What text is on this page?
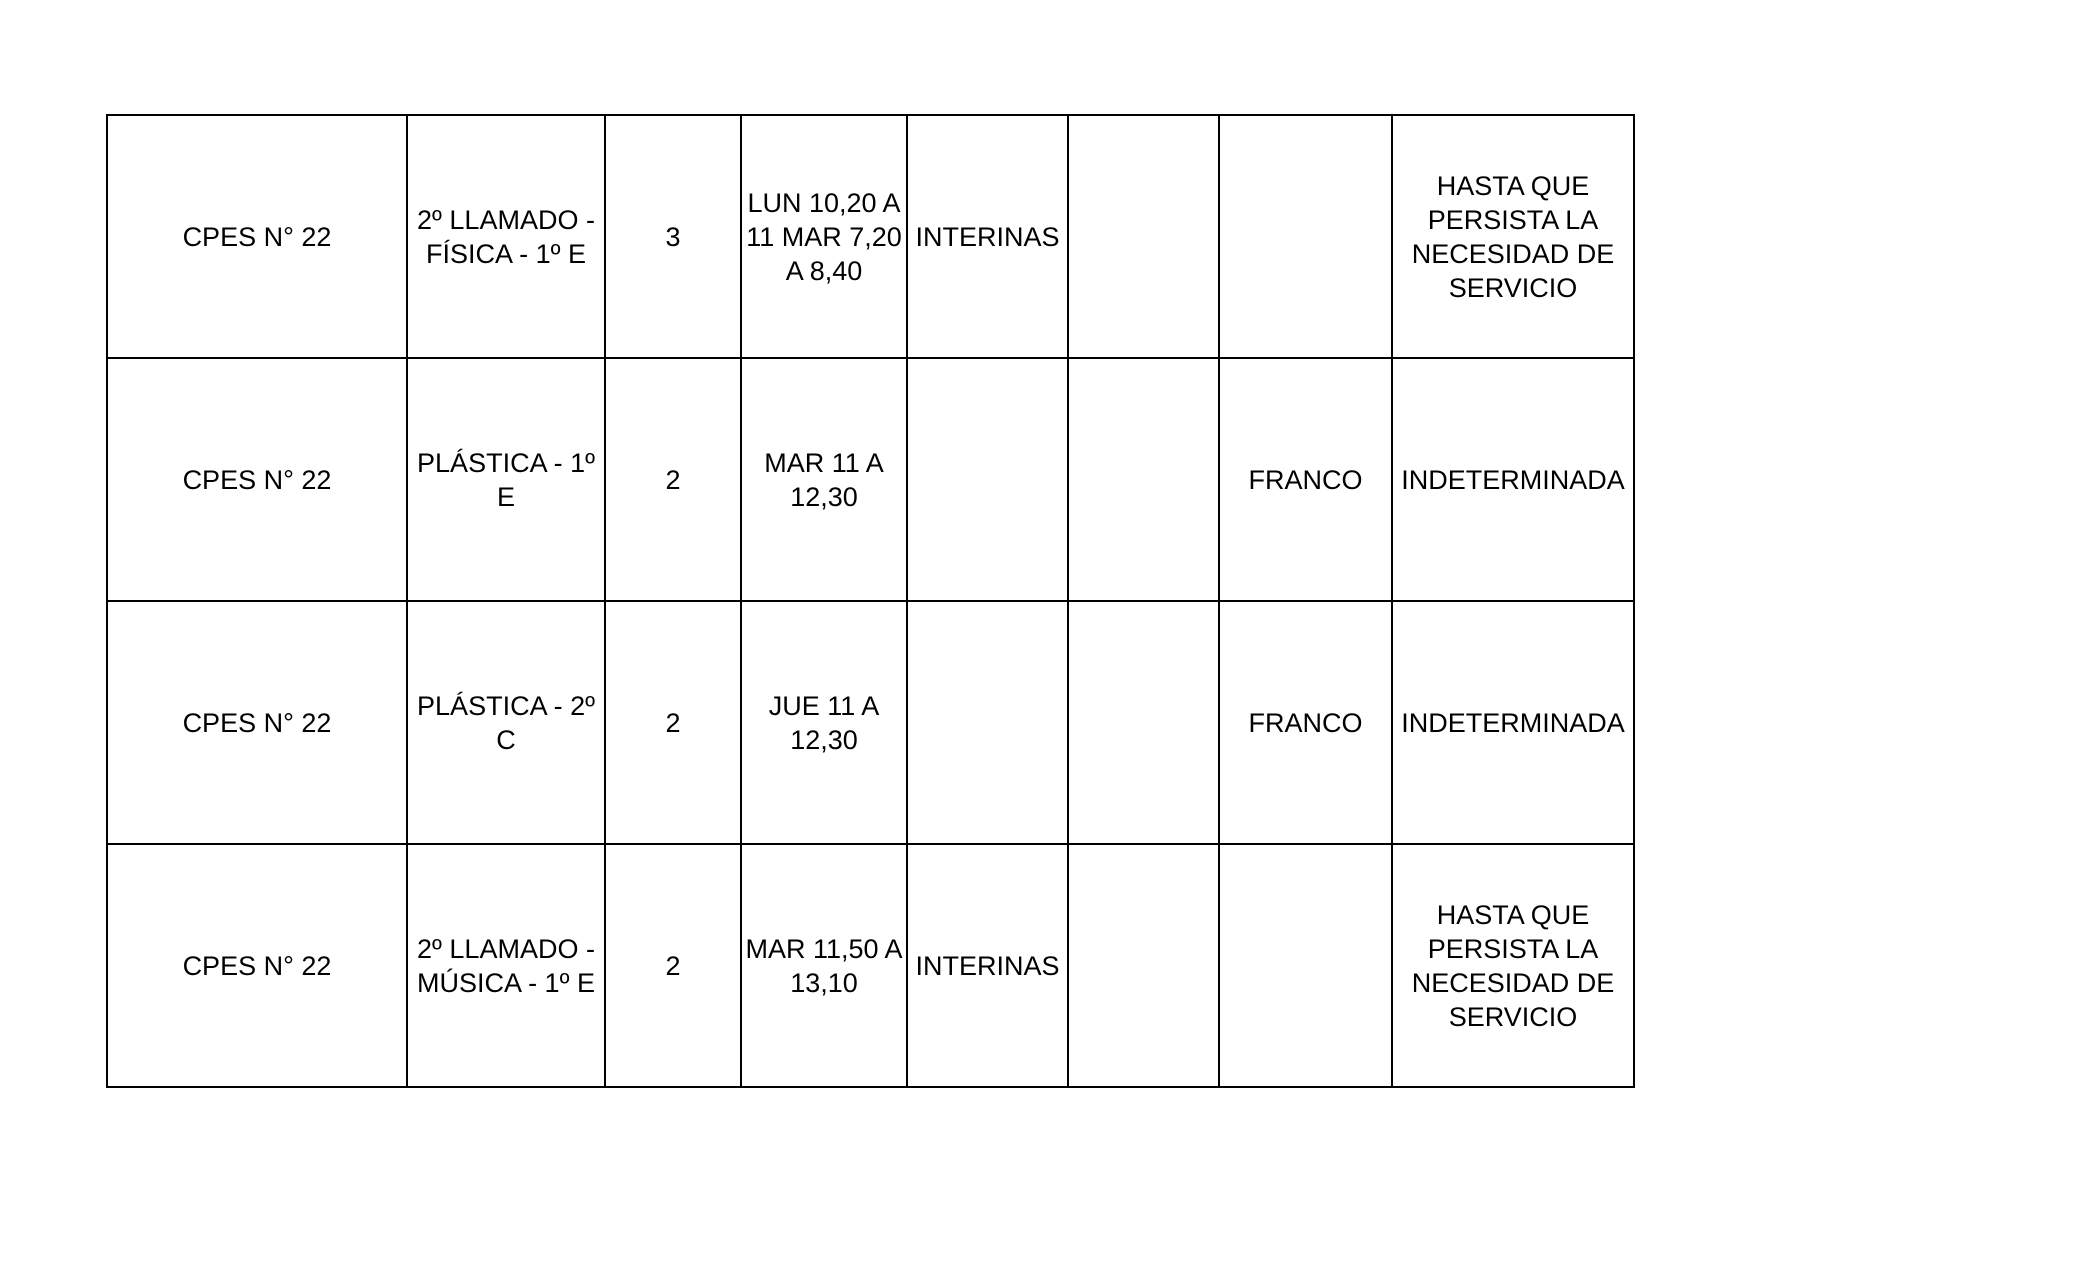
CPES N° 22	2º LLAMADO - FÍSICA - 1º E	3	LUN 10,20 A 11 MAR 7,20 A 8,40	INTERINAS			HASTA QUE PERSISTA LA NECESIDAD DE SERVICIO
CPES N° 22	PLÁSTICA - 1º E	2	MAR 11 A 12,30			FRANCO	INDETERMINADA
CPES N° 22	PLÁSTICA - 2º C	2	JUE 11 A 12,30			FRANCO	INDETERMINADA
CPES N° 22	2º LLAMADO - MÚSICA - 1º E	2	MAR 11,50 A 13,10	INTERINAS			HASTA QUE PERSISTA LA NECESIDAD DE SERVICIO
